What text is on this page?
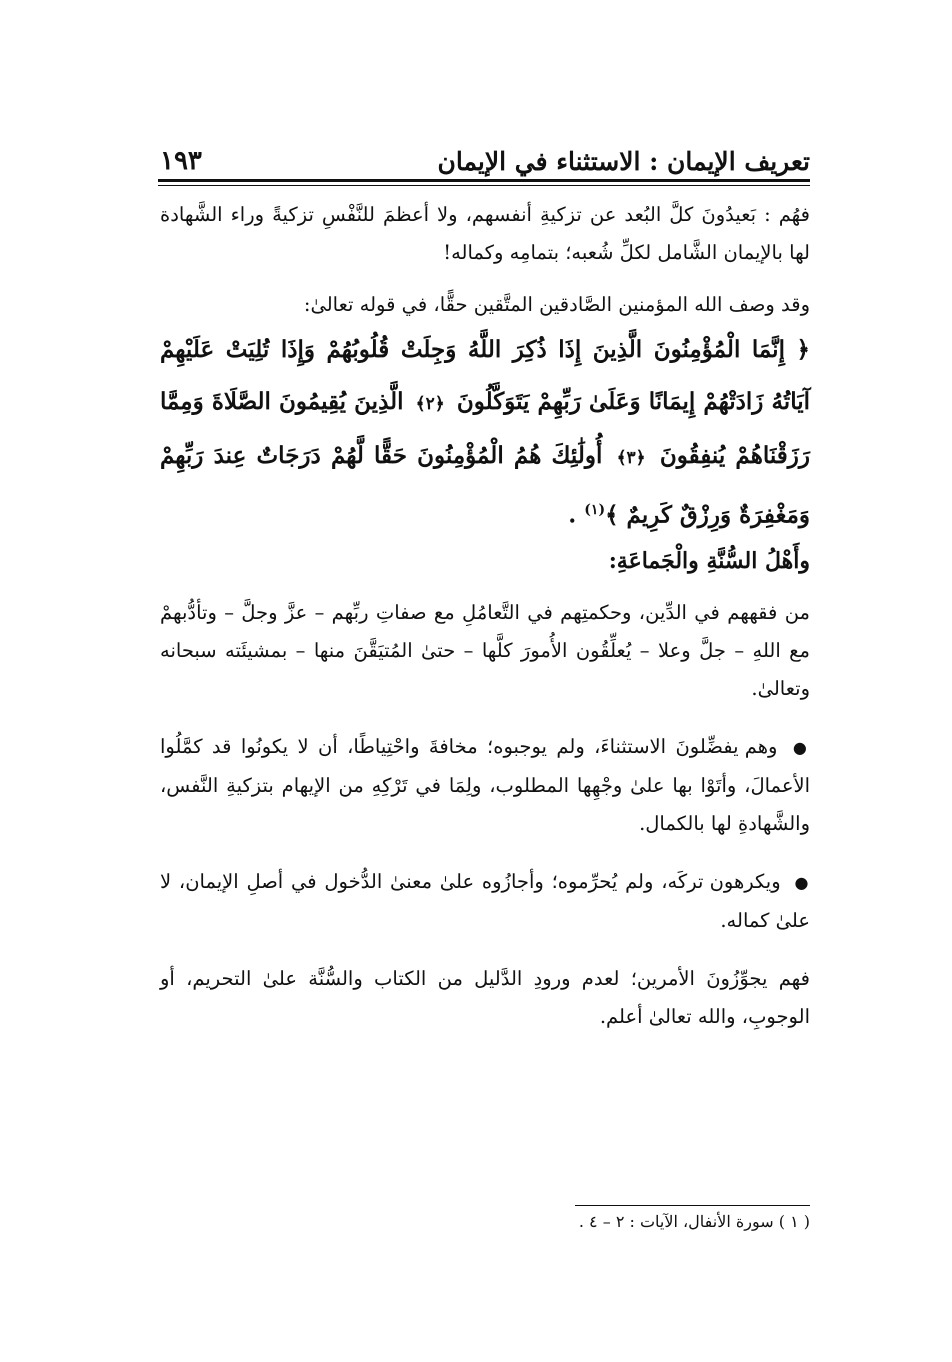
تعريف الإيمان : الاستثناء في الإيمان
١٩٣

فهُم : بَعيدُونَ كلَّ البُعد عن تزكيةِ أنفسهم، ولا أعظمَ للنَّفْسِ تزكيةً وراء الشَّهادة لها بالإيمان الشَّامل لكلِّ شُعبه؛ بتمامِه وكماله!

وقد وصف الله المؤمنين الصَّادقين المتَّقين حقًّا، في قوله تعالىٰ:

﴿ إِنَّمَا الْمُؤْمِنُونَ الَّذِينَ إِذَا ذُكِرَ اللَّهُ وَجِلَتْ قُلُوبُهُمْ وَإِذَا تُلِيَتْ عَلَيْهِمْ آيَاتُهُ زَادَتْهُمْ إِيمَانًا وَعَلَىٰ رَبِّهِمْ يَتَوَكَّلُونَ ﴿٢﴾ الَّذِينَ يُقِيمُونَ الصَّلَاةَ وَمِمَّا رَزَقْنَاهُمْ يُنفِقُونَ ﴿٣﴾ أُولَٰئِكَ هُمُ الْمُؤْمِنُونَ حَقًّا لَّهُمْ دَرَجَاتٌ عِندَ رَبِّهِمْ وَمَغْفِرَةٌ وَرِزْقٌ كَرِيمٌ ﴾$^{(١)}$ .

وأَهْلُ السُّنَّةِ والْجَماعَةِ:

من فقههم في الدِّين، وحكمتِهم في التَّعامُلِ مع صفاتِ ربِّهم – عزَّ وجلَّ – وتأدُّبهمْ مع اللهِ – جلَّ وعلا – يُعلِّقُون الأُمورَ كلَّها – حتىٰ المُتيَقَّنَ منها – بمشيئَته سبحانه وتعالىٰ.

● وهم يفضِّلونَ الاستثناءَ، ولم يوجبوه؛ مخافةَ واحْتِياطًا، أن لا يكونُوا قد كمَّلُوا الأعمالَ، وأتَوْا بها علىٰ وجْهِها المطلوب، ولِمَا في تَرْكِهِ من الإيهام بتزكيةِ النَّفس، والشَّهادةِ لها بالكمال.

● ويكرهون تركَه، ولم يُحرِّموه؛ وأجازُوه علىٰ معنىٰ الدُّخول في أصلِ الإيمان، لا علىٰ كماله.

فهم يجوِّزُونَ الأمرين؛ لعدم ورودِ الدَّليل من الكتاب والسُّنَّة علىٰ التحريم، أو الوجوبِ، والله تعالىٰ أعلم.

( ١ ) سورة الأنفال، الآيات : ٢ – ٤ .
